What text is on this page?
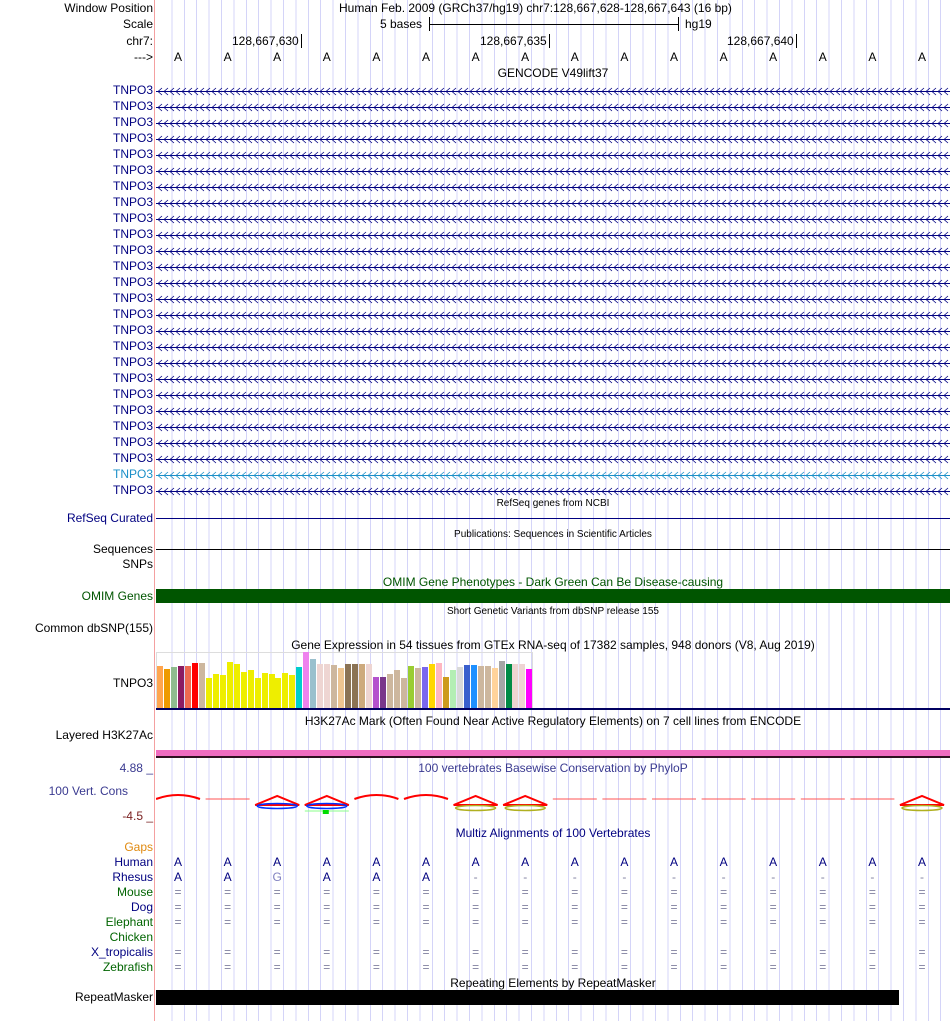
Window Position	Human Feb. 2009 (GRCh37/hg19) chr7:128,667,628-128,667,643 (16 bp)
Scale	5 bases	hg19
chr7:	128,667,630	128,667,635	128,667,640
--->
GENCODE V49lift37
RefSeq genes from NCBI
RefSeq Curated
Publications: Sequences in Scientific Articles
Sequences
SNPs
OMIM Gene Phenotypes - Dark Green Can Be Disease-causing
OMIM Genes
Short Genetic Variants from dbSNP release 155
Common dbSNP(155)
Gene Expression in 54 tissues from GTEx RNA-seq of 17382 samples, 948 donors (V8, Aug 2019)
TNPO3
H3K27Ac Mark (Often Found Near Active Regulatory Elements) on 7 cell lines from ENCODE
Layered H3K27Ac
100 vertebrates Basewise Conservation by PhyloP
4.88 _
100 Vert. Cons
-4.5 _
Multiz Alignments of 100 Vertebrates
Gaps
Repeating Elements by RepeatMasker
RepeatMasker
A	A	A	A	A	A	A	A	A	A	A	A	A	A	A	A
TNPO3
TNPO3
TNPO3
TNPO3
TNPO3
TNPO3
TNPO3
TNPO3
TNPO3
TNPO3
TNPO3
TNPO3
TNPO3
TNPO3
TNPO3
TNPO3
TNPO3
TNPO3
TNPO3
TNPO3
TNPO3
TNPO3
TNPO3
TNPO3
TNPO3
TNPO3
Human	A	A	A	A	A	A	A	A	A	A	A	A	A	A	A	A
Rhesus	A	A	G	A	A	A	-	-	-	-	-	-	-	-	-	-
Mouse	=	=	=	=	=	=	=	=	=	=	=	=	=	=	=	=
Dog	=	=	=	=	=	=	=	=	=	=	=	=	=	=	=	=
Elephant	=	=	=	=	=	=	=	=	=	=	=	=	=	=	=	=
Chicken
X_tropicalis	=	=	=	=	=	=	=	=	=	=	=	=	=	=	=	=
Zebrafish	=	=	=	=	=	=	=	=	=	=	=	=	=	=	=	=
